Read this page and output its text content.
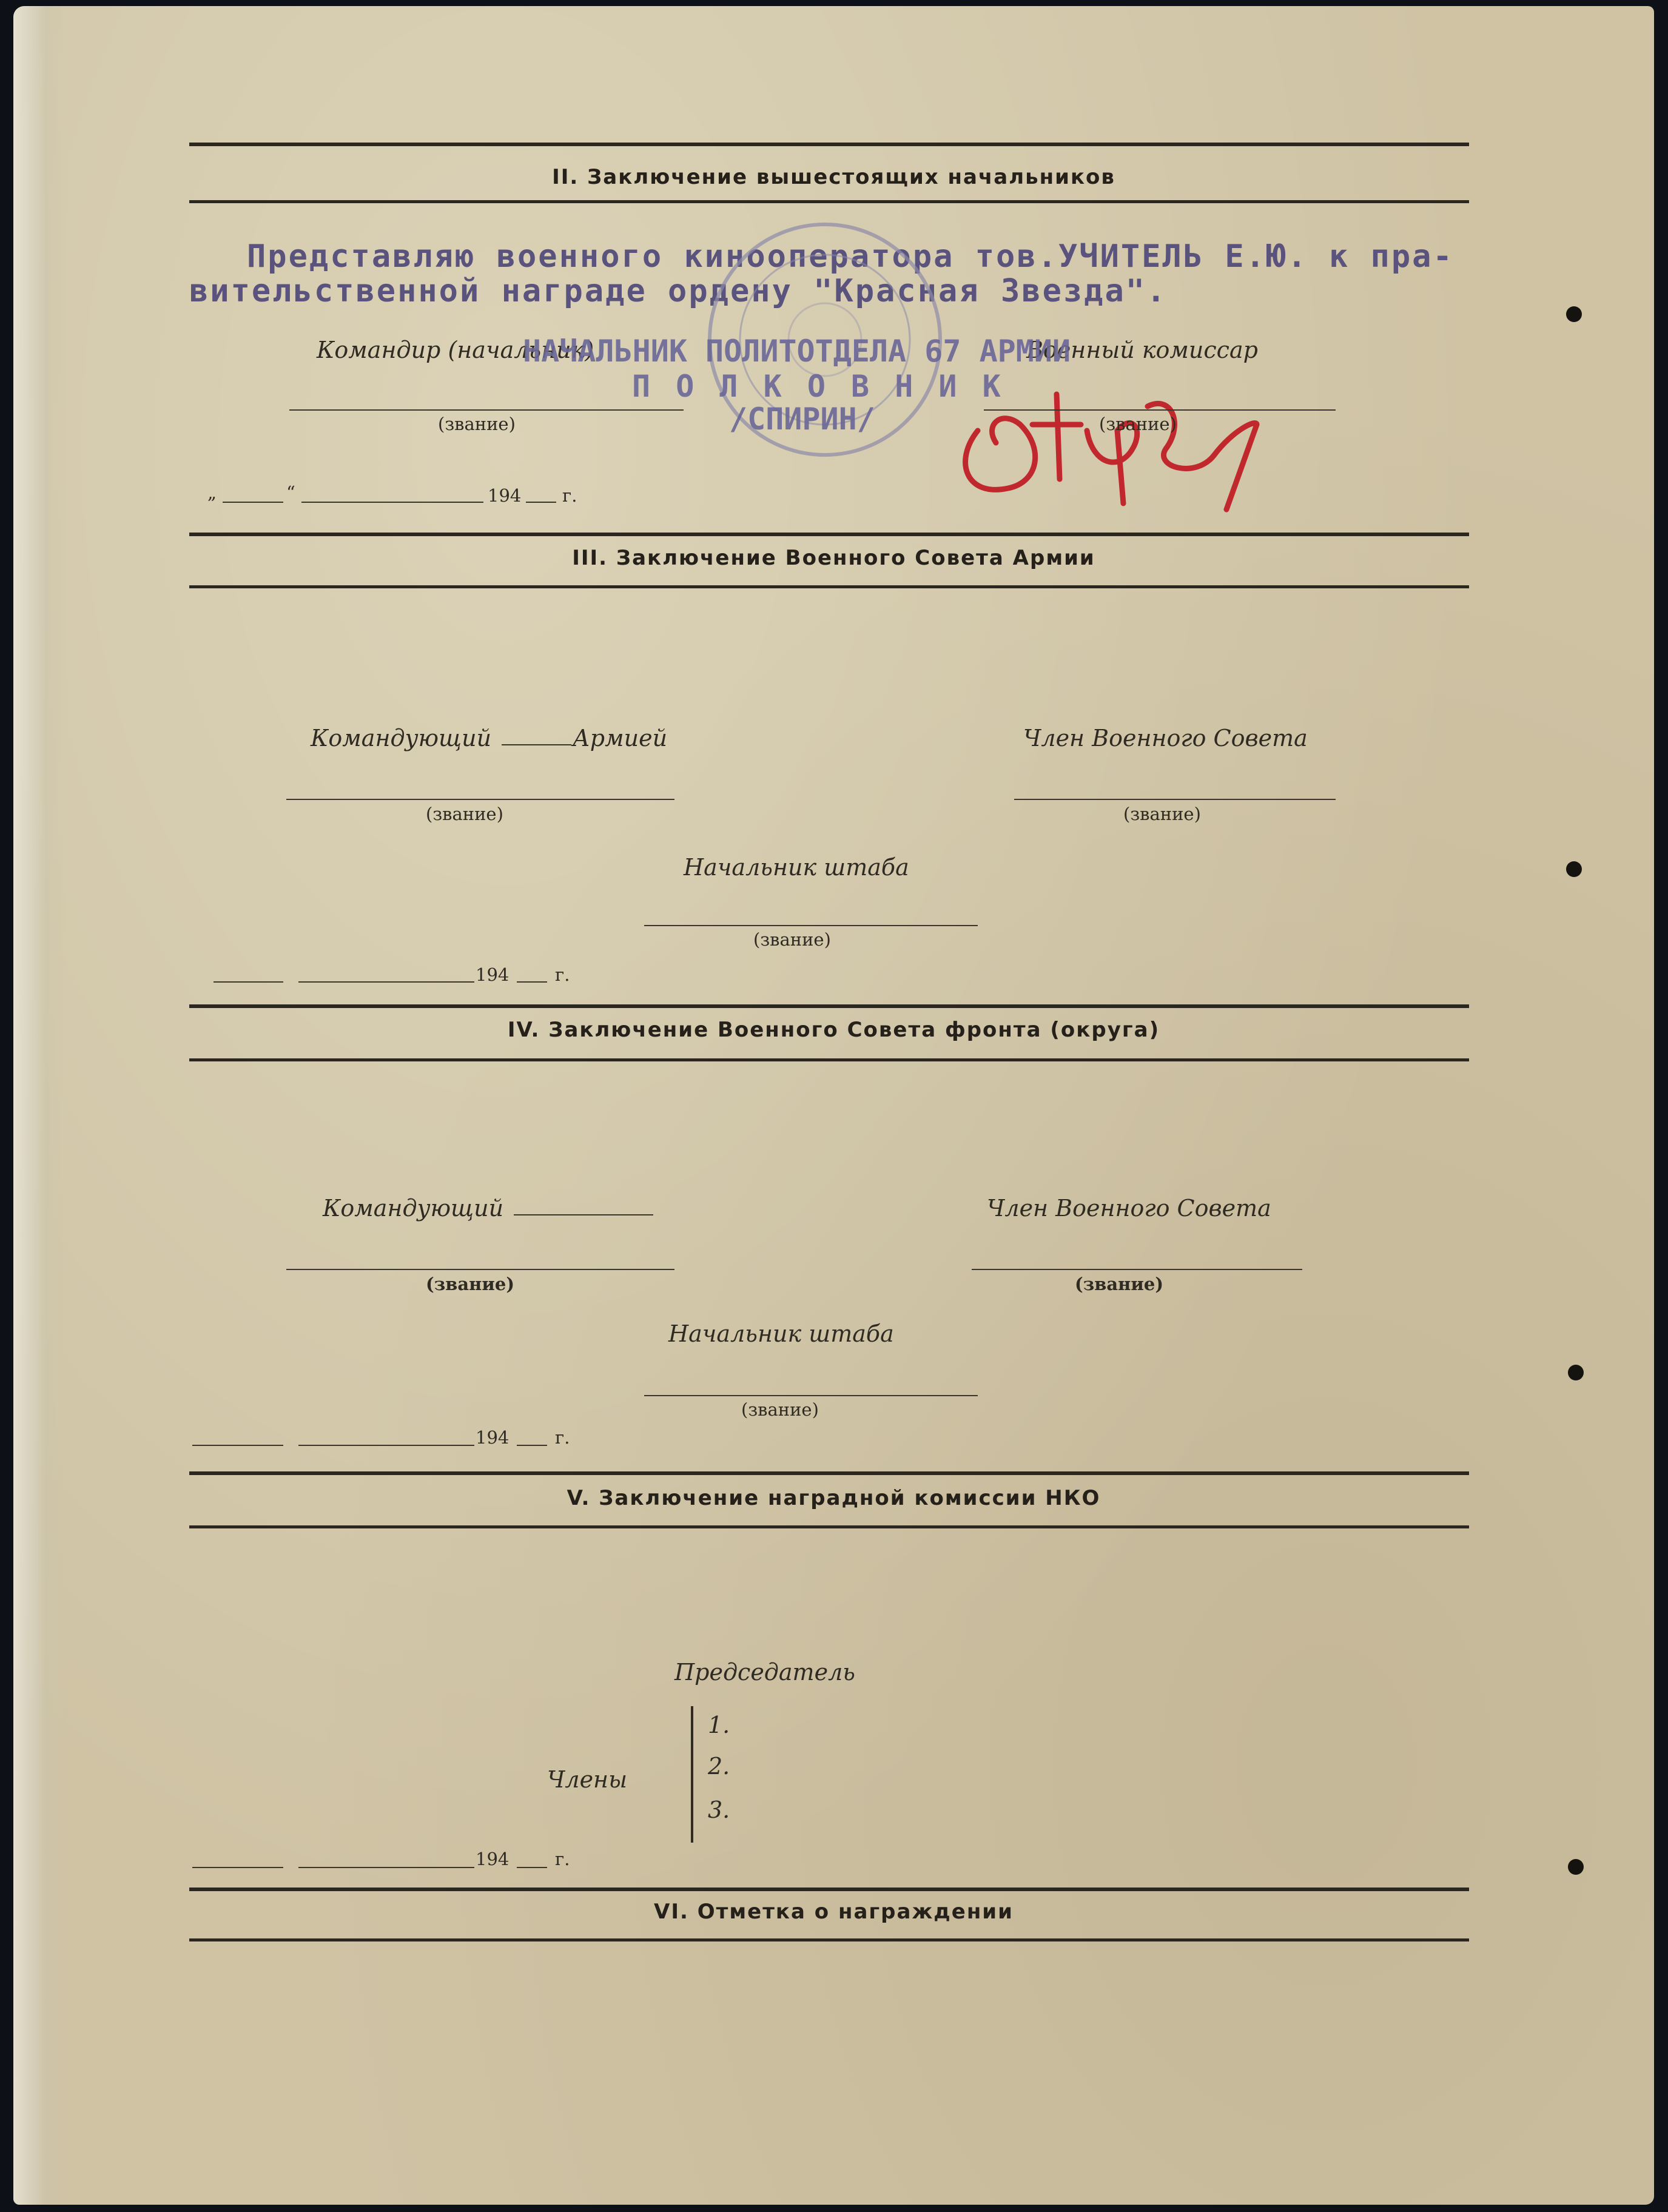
II. Заключение вышестоящих начальников
Представляю военного кинооператора тов.УЧИТЕЛЬ Е.Ю. к пра-
вительственной награде ордену "Красная Звезда".
Командир (начальник)	Военный комиссар
НАЧАЛЬНИК ПОЛИТОТДЕЛА 67 АРМИИ
П О Л К О В Н И К
/СПИРИН/
(звание)	(звание)
„	“	194 г.
III. Заключение Военного Совета Армии
Командующий	Армией	Член Военного Совета
(звание)	(звание)
Начальник штаба
(звание)
194	г.
IV. Заключение Военного Совета фронта (округа)
Командующий	Член Военного Совета
(звание)	(звание)
Начальник штаба
(звание)
194	г.
V. Заключение наградной комиссии НКО
Председатель
Члены
1.
2.
3.
194	г.
VI. Отметка о награждении
